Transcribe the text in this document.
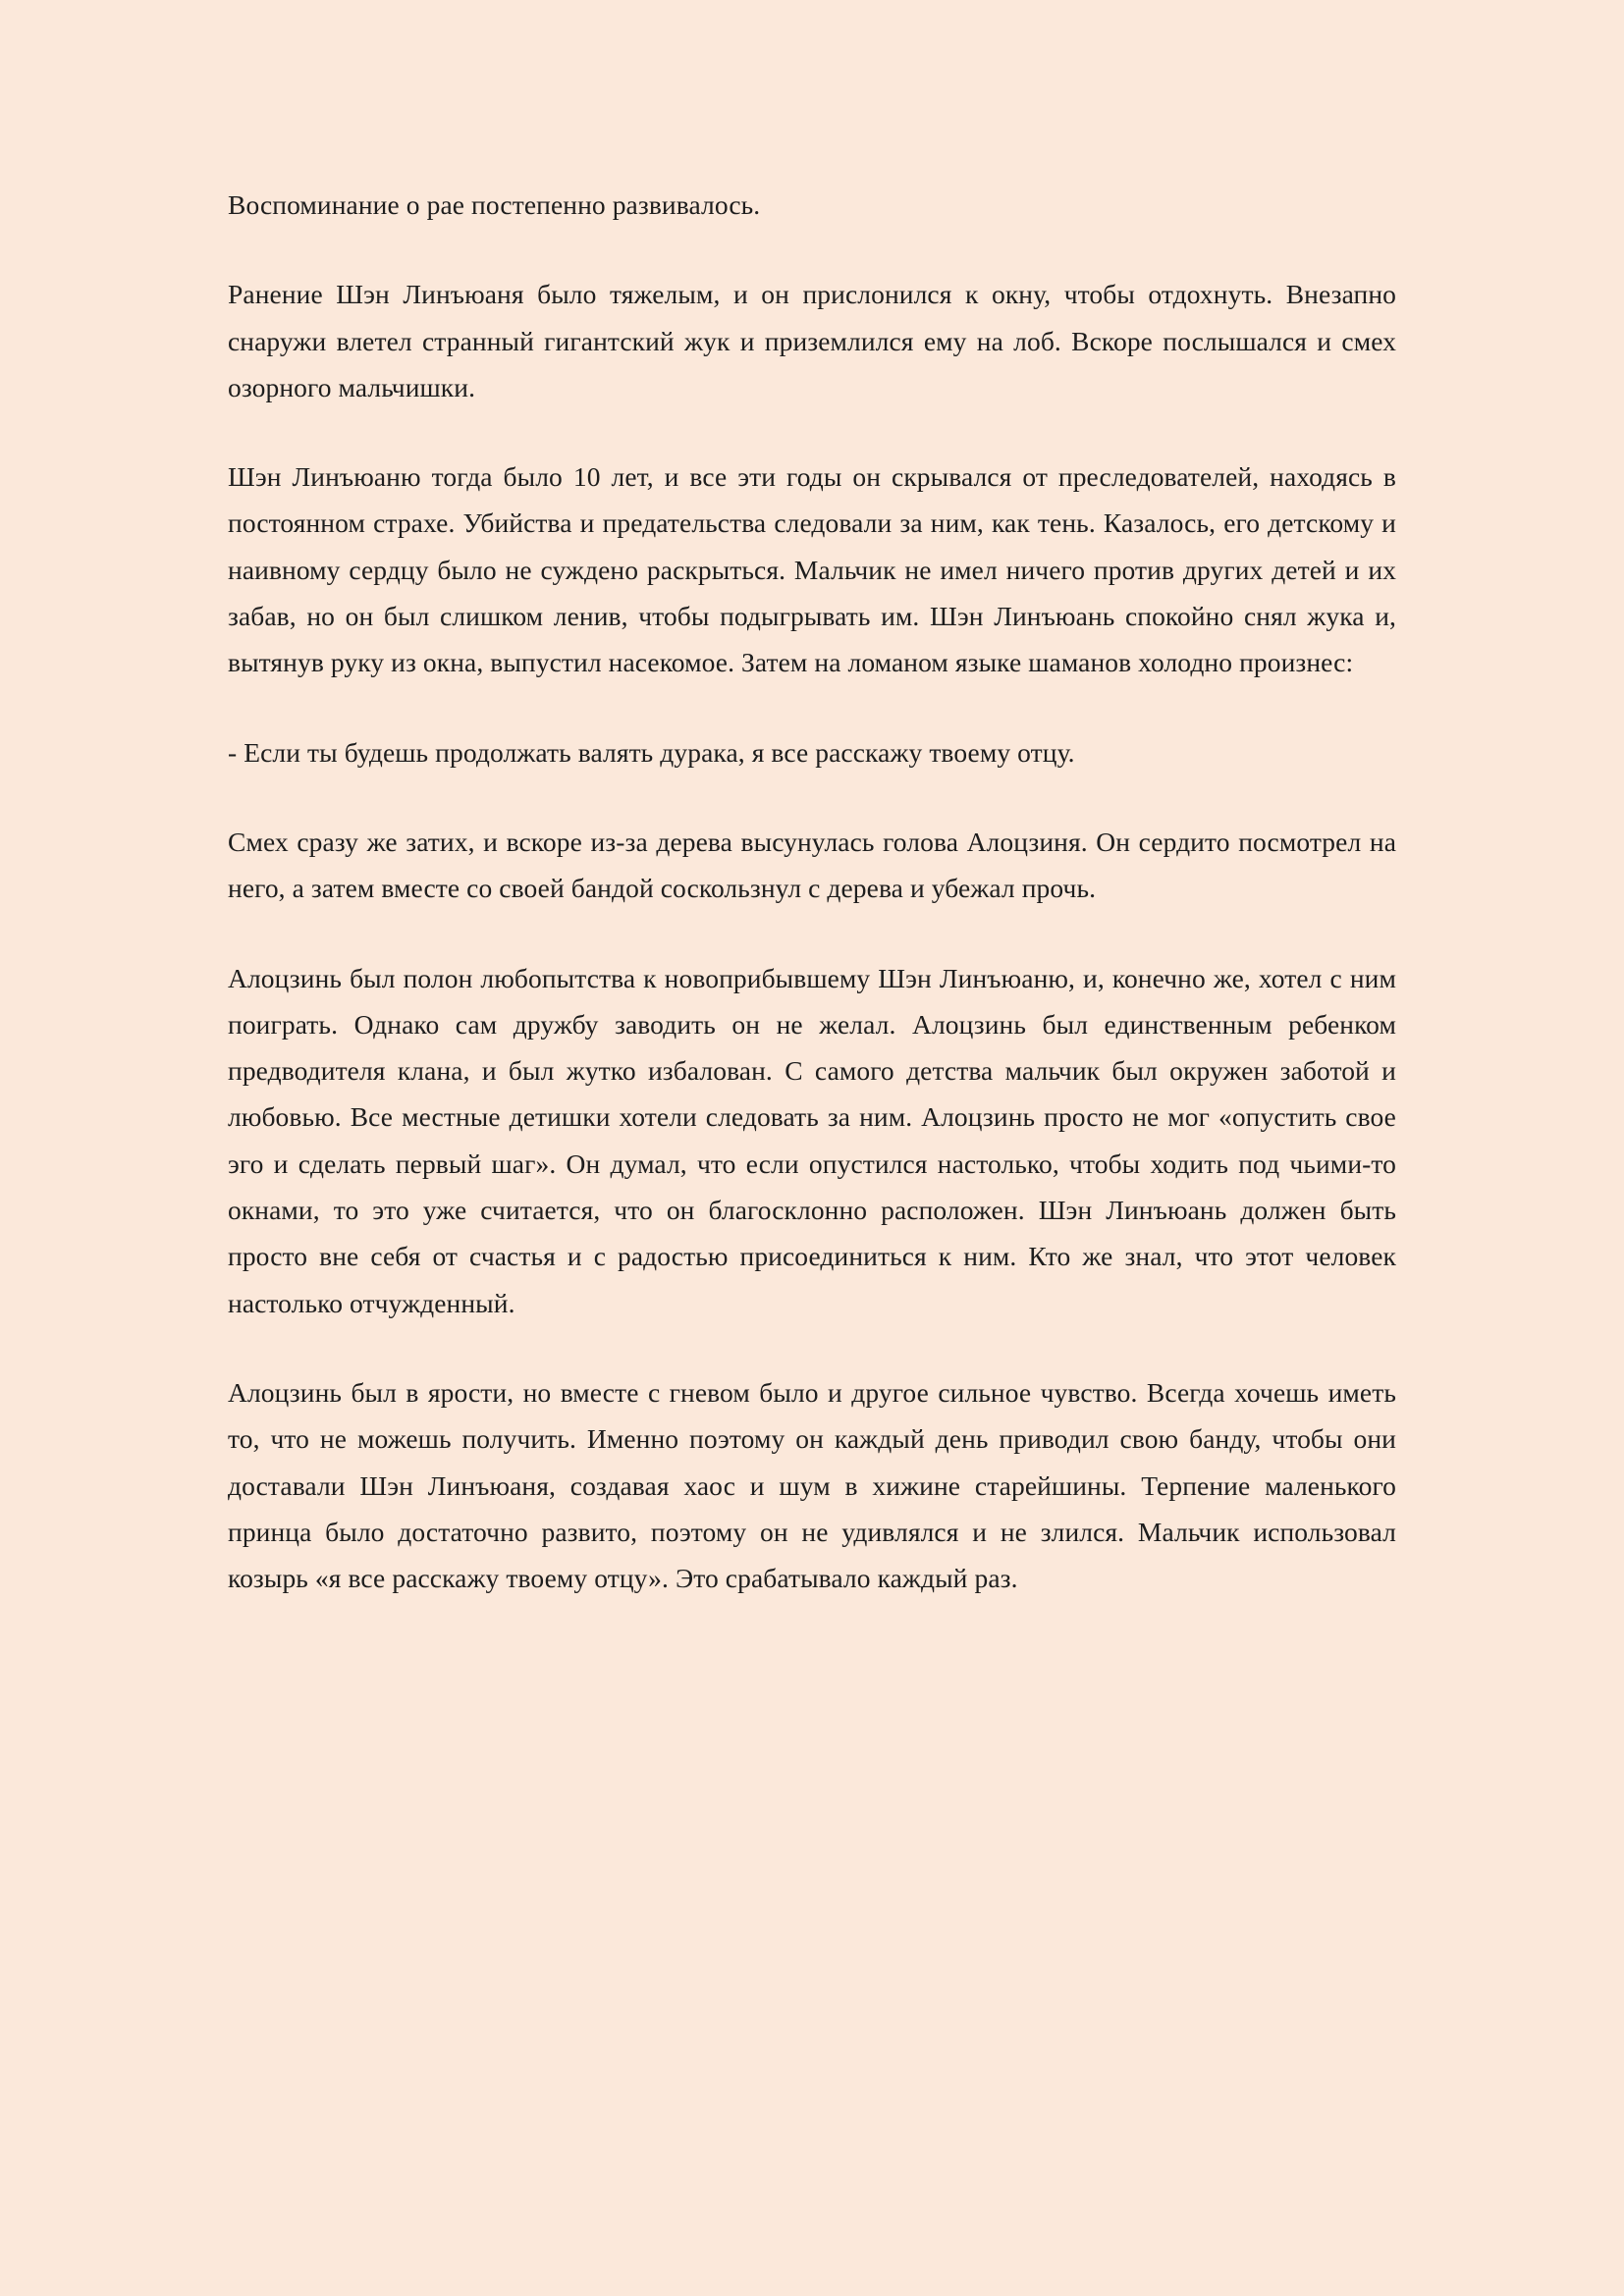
Воспоминание о рае постепенно развивалось.

Ранение Шэн Линъюаня было тяжелым, и он прислонился к окну, чтобы отдохнуть. Внезапно снаружи влетел странный гигантский жук и приземлился ему на лоб. Вскоре послышался и смех озорного мальчишки.

Шэн Линъюаню тогда было 10 лет, и все эти годы он скрывался от преследователей, находясь в постоянном страхе. Убийства и предательства следовали за ним, как тень. Казалось, его детскому и наивному сердцу было не суждено раскрыться. Мальчик не имел ничего против других детей и их забав, но он был слишком ленив, чтобы подыгрывать им. Шэн Линъюань спокойно снял жука и, вытянув руку из окна, выпустил насекомое. Затем на ломаном языке шаманов холодно произнес:

- Если ты будешь продолжать валять дурака, я все расскажу твоему отцу.

Смех сразу же затих, и вскоре из-за дерева высунулась голова Алоцзиня. Он сердито посмотрел на него, а затем вместе со своей бандой соскользнул с дерева и убежал прочь.

Алоцзинь был полон любопытства к новоприбывшему Шэн Линъюаню, и, конечно же, хотел с ним поиграть. Однако сам дружбу заводить он не желал. Алоцзинь был единственным ребенком предводителя клана, и был жутко избалован. С самого детства мальчик был окружен заботой и любовью. Все местные детишки хотели следовать за ним. Алоцзинь просто не мог «опустить свое эго и сделать первый шаг». Он думал, что если опустился настолько, чтобы ходить под чьими-то окнами, то это уже считается, что он благосклонно расположен. Шэн Линъюань должен быть просто вне себя от счастья и с радостью присоединиться к ним. Кто же знал, что этот человек настолько отчужденный.

Алоцзинь был в ярости, но вместе с гневом было и другое сильное чувство. Всегда хочешь иметь то, что не можешь получить. Именно поэтому он каждый день приводил свою банду, чтобы они доставали Шэн Линъюаня, создавая хаос и шум в хижине старейшины. Терпение маленького принца было достаточно развито, поэтому он не удивлялся и не злился. Мальчик использовал козырь «я все расскажу твоему отцу». Это срабатывало каждый раз.
